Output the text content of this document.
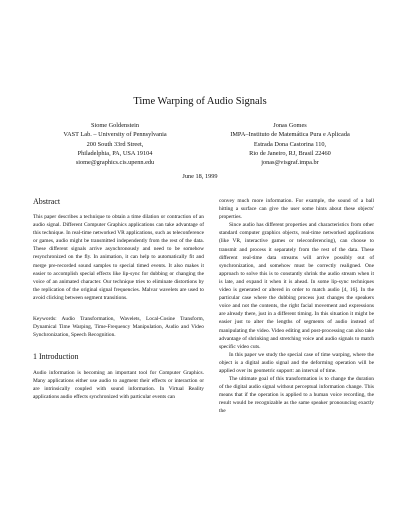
Time Warping of Audio Signals
Siome Goldenstein
VAST Lab. – University of Pennsylvania
200 South 33rd Street,
Philadelphia, PA, USA 19104
siome@graphics.cis.upenn.edu
Jonas Gomes
IMPA–Instituto de Matemática Pura e Aplicada
Estrada Dona Castorina 110,
Rio de Janeiro, RJ, Brasil 22460
jonas@visgraf.impa.br
June 18, 1999
Abstract

This paper describes a technique to obtain a time dilation or contraction of an audio signal. Different Computer Graphics applications can take advantage of this technique. In real-time networked VR applications, such as teleconference or games, audio might be transmitted independently from the rest of the data. These different signals arrive asynchronously and need to be somehow resynchronized on the fly. In animation, it can help to automatically fit and merge pre-recorded sound samples to special timed events. It also makes it easier to accomplish special effects like lip-sync for dubbing or changing the voice of an animated character. Our technique tries to eliminate distortions by the replication of the original signal frequencies. Malvar wavelets are used to avoid clicking between segment transitions.

Keywords: Audio Transformation, Wavelets, Local-Cosine Transform, Dynamical Time Warping, Time-Frequency Manipulation, Audio and Video Synchronization, Speech Recognition.
1 Introduction

Audio information is becoming an important tool for Computer Graphics. Many applications either use audio to augment their effects or interaction or are intrinsically coupled with sound information. In Virtual Reality applications audio effects synchronized with particular events can

convey much more information. For example, the sound of a ball hitting a surface can give the user some hints about these objects' properties.

Since audio has different properties and characteristics from other standard computer graphics objects, real-time networked applications (like VR, interactive games or teleconferencing), can choose to transmit and process it separately from the rest of the data. These different real-time data streams will arrive possibly out of synchronization, and somehow must be correctly realigned. One approach to solve this is to constantly shrink the audio stream when it is late, and expand it when it is ahead. In some lip-sync techniques video is generated or altered in order to match audio [4, 16]. In the particular case where the dubbing process just changes the speakers voice and not the contents, the right facial movement and expressions are already there, just in a different timing. In this situation it might be easier just to alter the lengths of segments of audio instead of manipulating the video. Video editing and post-processing can also take advantage of shrinking and stretching voice and audio signals to match specific video cuts.

In this paper we study the special case of time warping, where the object is a digital audio signal and the deforming operation will be applied over its geometric support: an interval of time.

The ultimate goal of this transformation is to change the duration of the digital audio signal without perceptual information change. This means that if the operation is applied to a human voice recording, the result would be recognizable as the same speaker pronouncing exactly the
